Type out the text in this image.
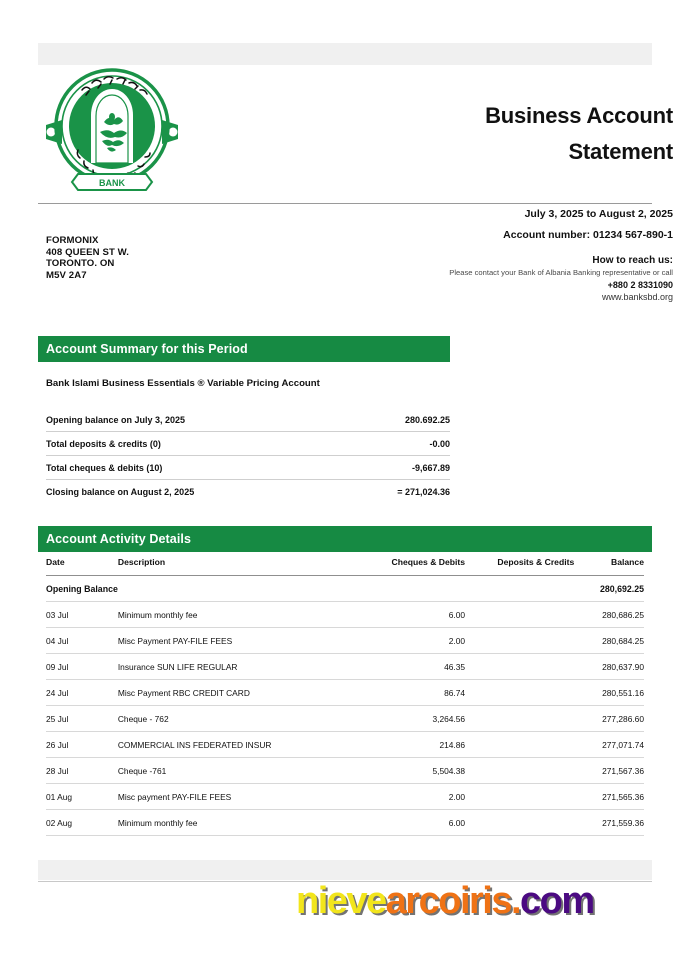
BANK
Business Account
Statement
July 3, 2025 to August 2, 2025
Account number: 01234 567-890-1
How to reach us:
Please contact your Bank of Albania Banking representative or call
+880 2 8331090
www.banksbd.org
FORMONIX
408 QUEEN ST W.
TORONTO. ON
M5V 2A7
Account Summary for this Period
Bank Islami Business Essentials ® Variable Pricing Account
Opening balance on July 3, 2025	280.692.25
Total deposits & credits (0)	-0.00
Total cheques & debits (10)	-9,667.89
Closing balance on August 2, 2025	= 271,024.36
Account Activity Details
Date	Description	Cheques & Debits	Deposits & Credits	Balance
Opening Balance				280,692.25
03 Jul	Minimum monthly fee	6.00		280,686.25
04 Jul	Misc Payment PAY-FILE FEES	2.00		280,684.25
09 Jul	Insurance SUN LIFE REGULAR	46.35		280,637.90
24 Jul	Misc Payment RBC CREDIT CARD	86.74		280,551.16
25 Jul	Cheque - 762	3,264.56		277,286.60
26 Jul	COMMERCIAL INS FEDERATED INSUR	214.86		277,071.74
28 Jul	Cheque -761	5,504.38		271,567.36
01 Aug	Misc payment PAY-FILE FEES	2.00		271,565.36
02 Aug	Minimum monthly fee	6.00		271,559.36
nievearcoiris.com
